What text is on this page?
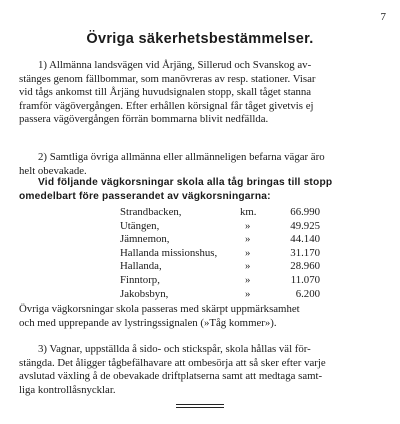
7
Övriga säkerhetsbestämmelser.
1) Allmänna landsvägen vid Årjäng, Sillerud och Svanskog av-
stänges genom fällbommar, som manövreras av resp. stationer. Visar
vid tågs ankomst till Årjäng huvudsignalen stopp, skall tåget stanna
framför vägövergången. Efter erhållen körsignal får tåget givetvis ej
passera vägövergången förrän bommarna blivit nedfällda.
2) Samtliga övriga allmänna eller allmänneligen befarna vägar äro
helt obevakade.
Vid följande vägkorsningar skola alla tåg bringas till stopp
omedelbart före passerandet av vägkorsningarna:
Strandbacken,	km.	66.990
Utängen,	»	49.925
Jämnemon,	»	44.140
Hallanda missionshus,	»	31.170
Hallanda,	»	28.960
Finntorp,	»	11.070
Jakobsbyn,	»	6.200
Övriga vägkorsningar skola passeras med skärpt uppmärksamhet
och med upprepande av lystringssignalen (»Tåg kommer»).
3) Vagnar, uppställda å sido- och stickspår, skola hållas väl för-
stängda. Det åligger tågbefälhavare att ombesörja att så sker efter varje
avslutad växling å de obevakade driftplatserna samt att medtaga samt-
liga kontrollåsnycklar.
